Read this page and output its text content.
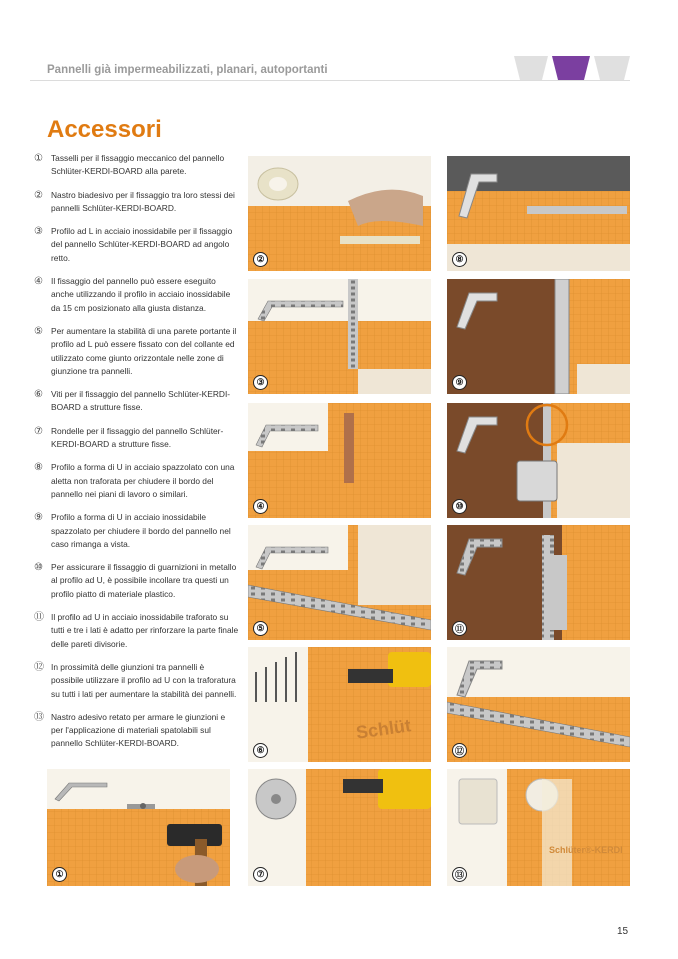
Pannelli già impermeabilizzati, planari, autoportanti
Accessori
① Tasselli per il fissaggio meccanico del pannello Schlüter-KERDI-BOARD alla parete.
② Nastro biadesivo per il fissaggio tra loro stessi dei pannelli Schlüter-KERDI-BOARD.
③ Profilo ad L in acciaio inossidabile per il fissaggio del pannello Schlüter-KERDI-BOARD ad angolo retto.
④ Il fissaggio del pannello può essere eseguito anche utilizzando il profilo in acciaio inossidabile da 15 cm posizionato alla giusta distanza.
⑤ Per aumentare la stabilità di una parete portante il profilo ad L può essere fissato con del collante ed utilizzato come giunto orizzontale nelle zone di giunzione tra pannelli.
⑥ Viti per il fissaggio del pannello Schlüter-KERDI-BOARD a strutture fisse.
⑦ Rondelle per il fissaggio del pannello Schlüter-KERDI-BOARD a strutture fisse.
⑧ Profilo a forma di U in acciaio spazzolato con una aletta non traforata per chiudere il bordo del pannello nei piani di lavoro o similari.
⑨ Profilo a forma di U in acciaio inossidabile spazzolato per chiudere il bordo del pannello nel caso rimanga a vista.
⑩ Per assicurare il fissaggio di guarnizioni in metallo al profilo ad U, è possibile incollare tra questi un profilo piatto di materiale plastico.
⑪ Il profilo ad U in acciaio inossidabile traforato su tutti e tre i lati è adatto per rinforzare la parte finale delle pareti divisorie.
⑫ In prossimità delle giunzioni tra pannelli è possibile utilizzare il profilo ad U con la traforatura su tutti i lati per aumentare la stabilità dei pannelli.
⑬ Nastro adesivo retato per armare le giunzioni e per l'applicazione di materiali spatolabili sul pannello Schlüter-KERDI-BOARD.
①
②
③
④
⑤
Schlüt
⑥
⑦
⑧
⑨
⑩
⑪
⑫
Schlüter®-KERDI
⑬
15
